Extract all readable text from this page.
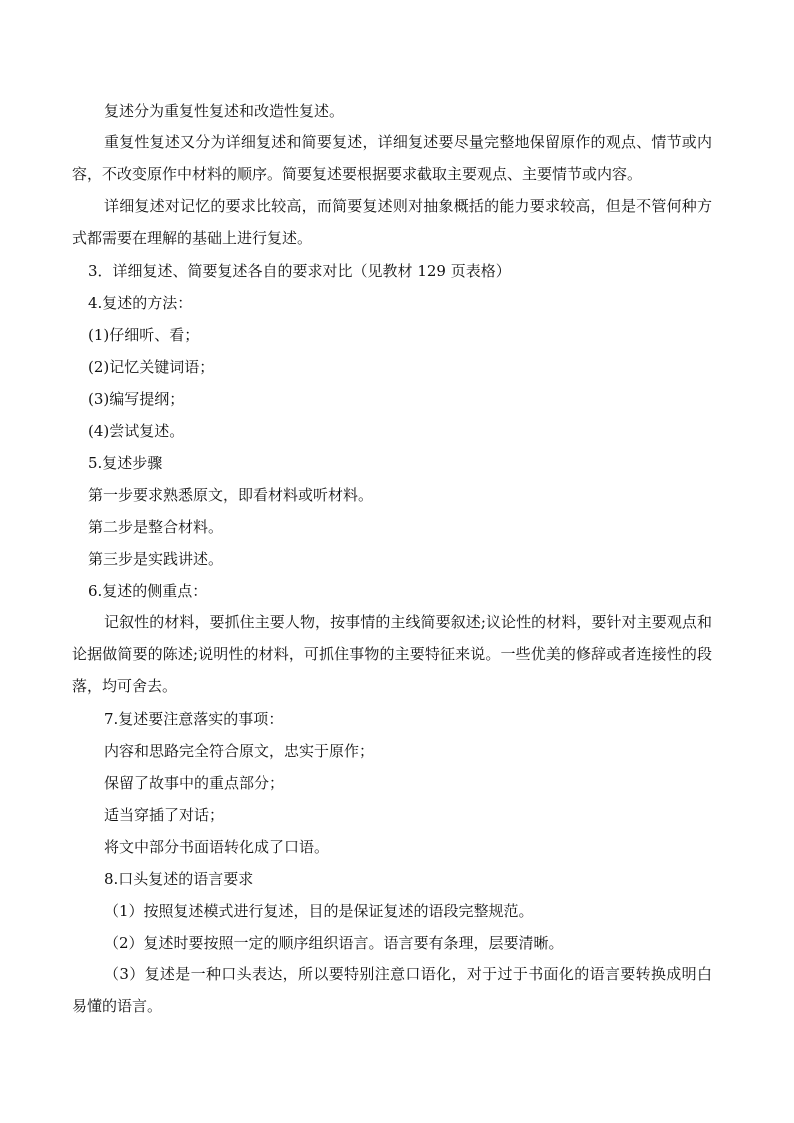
复述分为重复性复述和改造性复述。

重复性复述又分为详细复述和简要复述，详细复述要尽量完整地保留原作的观点、情节或内容，不改变原作中材料的顺序。简要复述要根据要求截取主要观点、主要情节或内容。

详细复述对记忆的要求比较高，而简要复述则对抽象概括的能力要求较高，但是不管何种方式都需要在理解的基础上进行复述。

3．详细复述、简要复述各自的要求对比（见教材 129 页表格）

4.复述的方法：

(1)仔细听、看；

(2)记忆关键词语；

(3)编写提纲；

(4)尝试复述。

5.复述步骤

第一步要求熟悉原文，即看材料或听材料。

第二步是整合材料。

第三步是实践讲述。

6.复述的侧重点：

记叙性的材料，要抓住主要人物，按事情的主线简要叙述;议论性的材料，要针对主要观点和论据做简要的陈述;说明性的材料，可抓住事物的主要特征来说。一些优美的修辞或者连接性的段落，均可舍去。

7.复述要注意落实的事项：

内容和思路完全符合原文，忠实于原作；

保留了故事中的重点部分；

适当穿插了对话；

将文中部分书面语转化成了口语。

8.口头复述的语言要求

（1）按照复述模式进行复述，目的是保证复述的语段完整规范。

（2）复述时要按照一定的顺序组织语言。语言要有条理，层要清晰。

（3）复述是一种口头表达，所以要特别注意口语化，对于过于书面化的语言要转换成明白易懂的语言。
